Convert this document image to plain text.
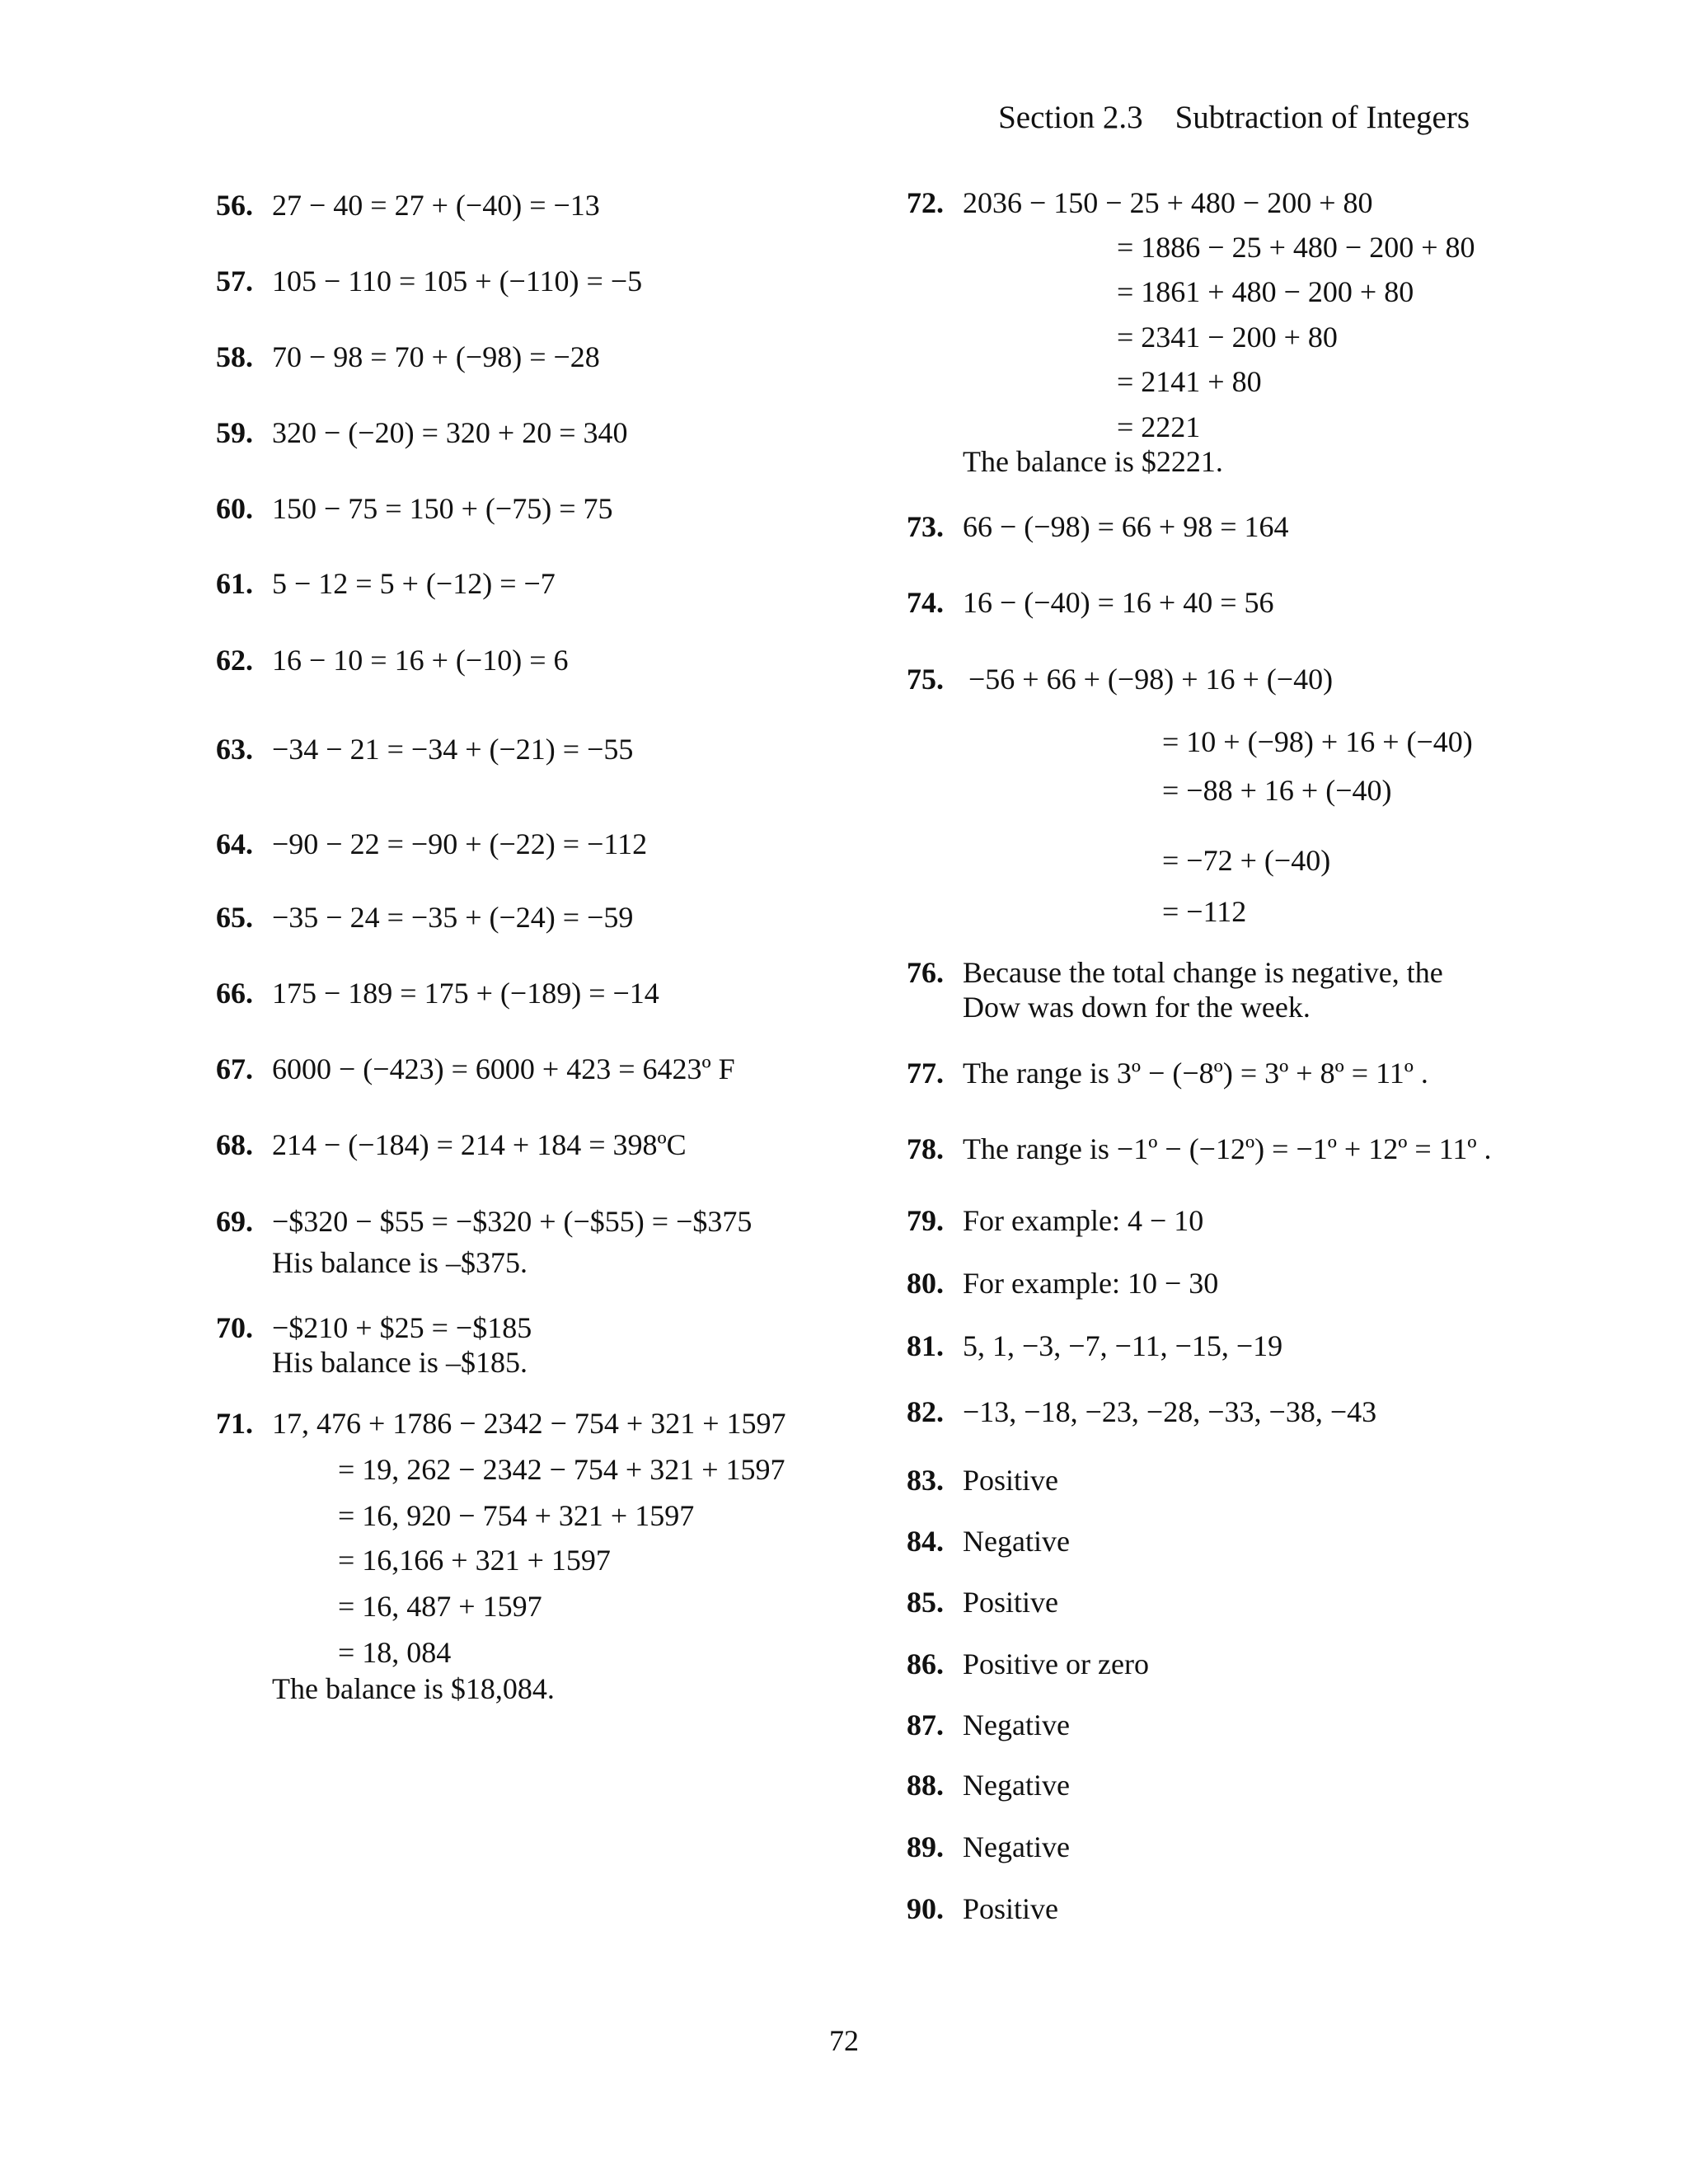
Section 2.3 Subtraction of Integers
56. 27 − 40 = 27 + (−40) = −13
57. 105 − 110 = 105 + (−110) = −5
58. 70 − 98 = 70 + (−98) = −28
59. 320 − (−20) = 320 + 20 = 340
60. 150 − 75 = 150 + (−75) = 75
61. 5 − 12 = 5 + (−12) = −7
62. 16 − 10 = 16 + (−10) = 6
63. −34 − 21 = −34 + (−21) = −55
64. −90 − 22 = −90 + (−22) = −112
65. −35 − 24 = −35 + (−24) = −59
66. 175 − 189 = 175 + (−189) = −14
67. 6000 − (−423) = 6000 + 423 = 6423º F
68. 214 − (−184) = 214 + 184 = 398ºC
69. −$320 − $55 = −$320 + (−$55) = −$375
His balance is –$375.
70. −$210 + $25 = −$185
His balance is –$185.
71. 17, 476 + 1786 − 2342 − 754 + 321 + 1597
= 19, 262 − 2342 − 754 + 321 + 1597
= 16, 920 − 754 + 321 + 1597
= 16,166 + 321 + 1597
= 16, 487 + 1597
= 18, 084
The balance is $18,084.
72. 2036 − 150 − 25 + 480 − 200 + 80
= 1886 − 25 + 480 − 200 + 80
= 1861 + 480 − 200 + 80
= 2341 − 200 + 80
= 2141 + 80
= 2221
The balance is $2221.
73. 66 − (−98) = 66 + 98 = 164
74. 16 − (−40) = 16 + 40 = 56
75. −56 + 66 + (−98) + 16 + (−40)
= 10 + (−98) + 16 + (−40)
= −88 + 16 + (−40)
= −72 + (−40)
= −112
76. Because the total change is negative, the
Dow was down for the week.
77. The range is 3º − (−8º) = 3º + 8º = 11º .
78. The range is −1º − (−12º) = −1º + 12º = 11º .
79. For example: 4 − 10
80. For example: 10 − 30
81. 5, 1, −3, −7, −11, −15, −19
82. −13, −18, −23, −28, −33, −38, −43
83. Positive
84. Negative
85. Positive
86. Positive or zero
87. Negative
88. Negative
89. Negative
90. Positive
72
